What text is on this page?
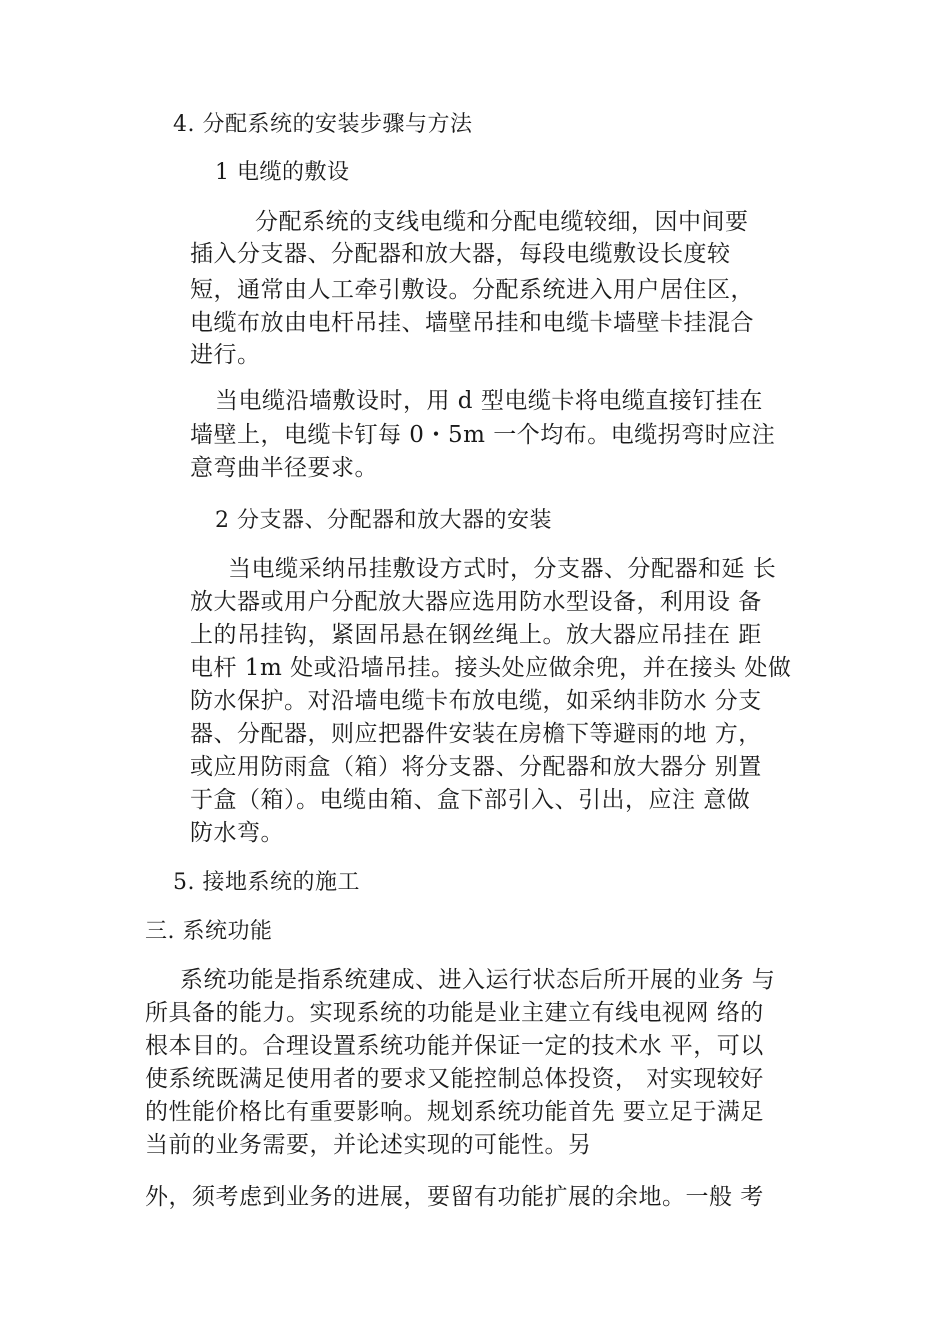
4. 分配系统的安装步骤与方法
1 电缆的敷设
分配系统的支线电缆和分配电缆较细，因中间要
插入分支器、分配器和放大器，每段电缆敷设长度较
短，通常由人工牵引敷设。分配系统进入用户居住区，
电缆布放由电杆吊挂、墙壁吊挂和电缆卡墙壁卡挂混合
进行。
当电缆沿墙敷设时，用 d 型电缆卡将电缆直接钉挂在
墙壁上，电缆卡钉每 0・5m 一个均布。电缆拐弯时应注
意弯曲半径要求。
2 分支器、分配器和放大器的安装
当电缆采纳吊挂敷设方式时，分支器、分配器和延 长
放大器或用户分配放大器应选用防水型设备，利用设 备
上的吊挂钩，紧固吊悬在钢丝绳上。放大器应吊挂在 距
电杆 1m 处或沿墙吊挂。接头处应做余兜，并在接头 处做
防水保护。对沿墙电缆卡布放电缆，如采纳非防水 分支
器、分配器，则应把器件安装在房檐下等避雨的地 方，
或应用防雨盒（箱）将分支器、分配器和放大器分 别置
于盒（箱）。电缆由箱、盒下部引入、引出，应注 意做
防水弯。
5. 接地系统的施工
三. 系统功能
系统功能是指系统建成、进入运行状态后所开展的业务 与
所具备的能力。实现系统的功能是业主建立有线电视网 络的
根本目的。合理设置系统功能并保证一定的技术水 平，可以
使系统既满足使用者的要求又能控制总体投资， 对实现较好
的性能价格比有重要影响。规划系统功能首先 要立足于满足
当前的业务需要，并论述实现的可能性。另
外，须考虑到业务的进展，要留有功能扩展的余地。一般 考
